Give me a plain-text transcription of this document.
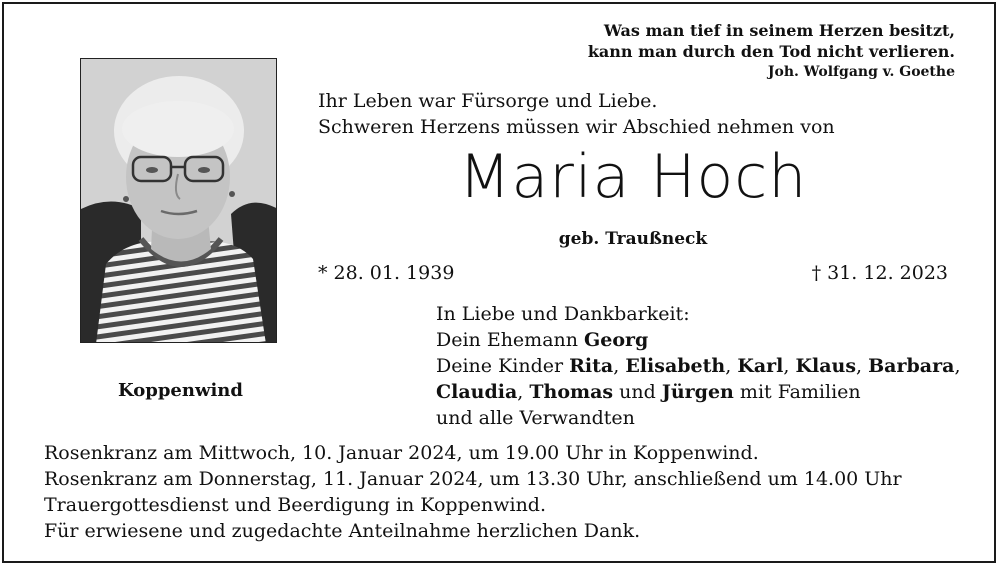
Was man tief in seinem Herzen besitzt,
kann man durch den Tod nicht verlieren.
Joh. Wolfgang v. Goethe
Koppenwind
Ihr Leben war Fürsorge und Liebe.
Schweren Herzens müssen wir Abschied nehmen von
Maria Hoch
geb. Traußneck
* 28. 01. 1939	† 31. 12. 2023
In Liebe und Dankbarkeit:
Dein Ehemann Georg
Deine Kinder Rita, Elisabeth, Karl, Klaus, Barbara,
Claudia, Thomas und Jürgen mit Familien
und alle Verwandten
Rosenkranz am Mittwoch, 10. Januar 2024, um 19.00 Uhr in Koppenwind.
Rosenkranz am Donnerstag, 11. Januar 2024, um 13.30 Uhr, anschließend um 14.00 Uhr
Trauergottesdienst und Beerdigung in Koppenwind.
Für erwiesene und zugedachte Anteilnahme herzlichen Dank.
